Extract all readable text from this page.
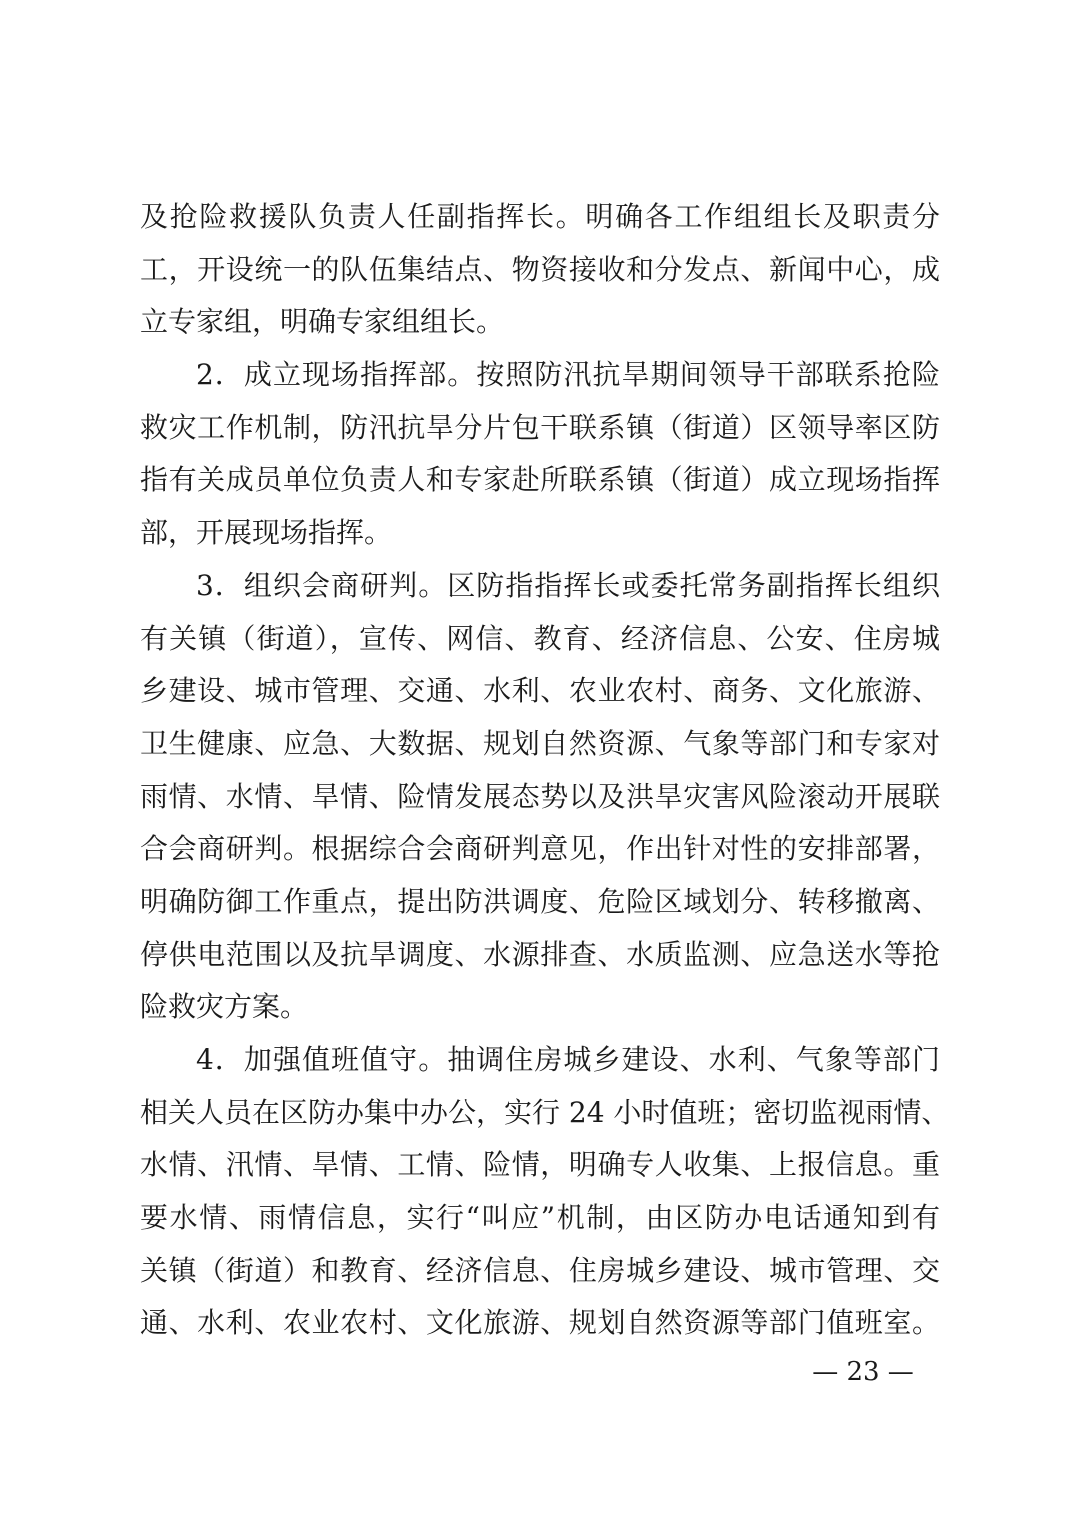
及抢险救援队负责人任副指挥长。明确各工作组组长及职责分
工，开设统一的队伍集结点、物资接收和分发点、新闻中心，成
立专家组，明确专家组组长。
2．成立现场指挥部。按照防汛抗旱期间领导干部联系抢险
救灾工作机制，防汛抗旱分片包干联系镇（街道）区领导率区防
指有关成员单位负责人和专家赴所联系镇（街道）成立现场指挥
部，开展现场指挥。
3．组织会商研判。区防指指挥长或委托常务副指挥长组织
有关镇（街道），宣传、网信、教育、经济信息、公安、住房城
乡建设、城市管理、交通、水利、农业农村、商务、文化旅游、
卫生健康、应急、大数据、规划自然资源、气象等部门和专家对
雨情、水情、旱情、险情发展态势以及洪旱灾害风险滚动开展联
合会商研判。根据综合会商研判意见，作出针对性的安排部署，
明确防御工作重点，提出防洪调度、危险区域划分、转移撤离、
停供电范围以及抗旱调度、水源排查、水质监测、应急送水等抢
险救灾方案。
4．加强值班值守。抽调住房城乡建设、水利、气象等部门
相关人员在区防办集中办公，实行 24 小时值班；密切监视雨情、
水情、汛情、旱情、工情、险情，明确专人收集、上报信息。重
要水情、雨情信息，实行“叫应”机制，由区防办电话通知到有
关镇（街道）和教育、经济信息、住房城乡建设、城市管理、交
通、水利、农业农村、文化旅游、规划自然资源等部门值班室。
— 23 —
